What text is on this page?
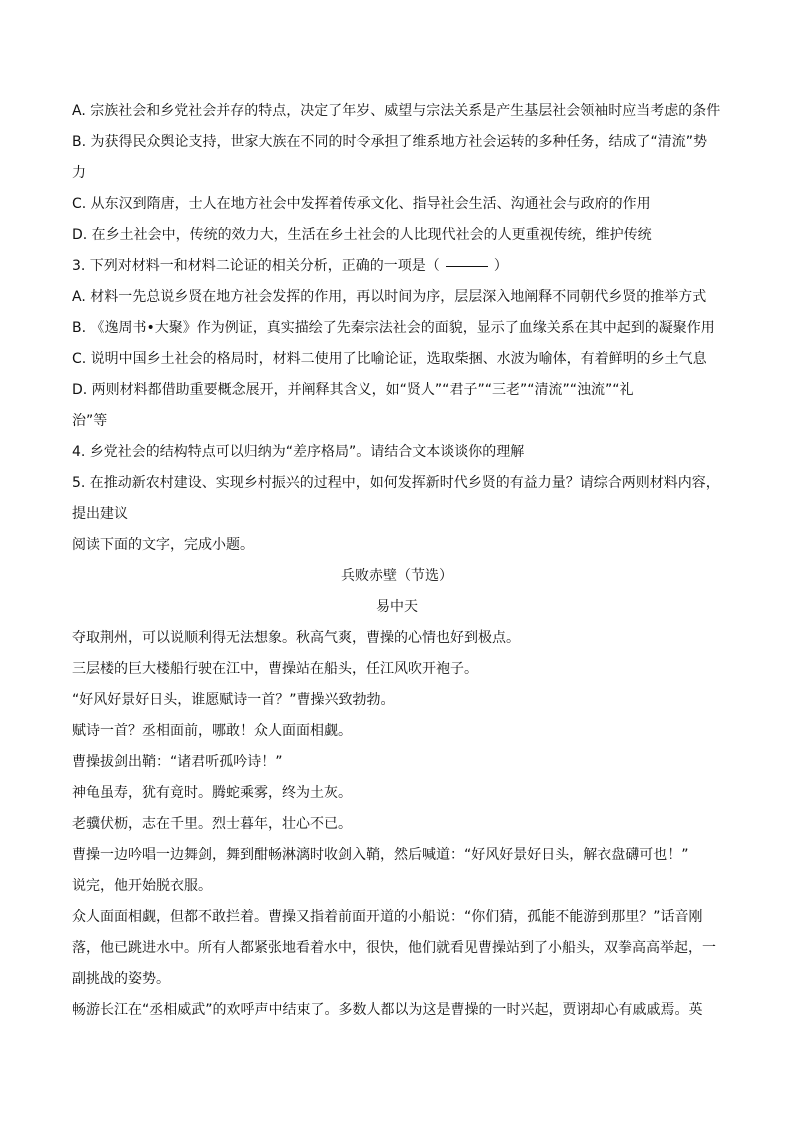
A. 宗族社会和乡党社会并存的特点，决定了年岁、威望与宗法关系是产生基层社会领袖时应当考虑的条件
B. 为获得民众舆论支持，世家大族在不同的时令承担了维系地方社会运转的多种任务，结成了“清流”势
力
C. 从东汉到隋唐，士人在地方社会中发挥着传承文化、指导社会生活、沟通社会与政府的作用
D. 在乡土社会中，传统的效力大，生活在乡土社会的人比现代社会的人更重视传统，维护传统
3. 下列对材料一和材料二论证的相关分析，正确的一项是（	）
A. 材料一先总说乡贤在地方社会发挥的作用，再以时间为序，层层深入地阐释不同朝代乡贤的推举方式
B. 《逸周书•大聚》作为例证，真实描绘了先秦宗法社会的面貌，显示了血缘关系在其中起到的凝聚作用
C. 说明中国乡土社会的格局时，材料二使用了比喻论证，选取柴捆、水波为喻体，有着鲜明的乡土气息
D. 两则材料都借助重要概念展开，并阐释其含义，如“贤人”“君子”“三老”“清流”“浊流”“礼
治”等
4. 乡党社会的结构特点可以归纳为“差序格局”。请结合文本谈谈你的理解
5. 在推动新农村建设、实现乡村振兴的过程中，如何发挥新时代乡贤的有益力量？请综合两则材料内容，
提出建议
阅读下面的文字，完成小题。
兵败赤壁（节选）
易中天
夺取荆州，可以说顺利得无法想象。秋高气爽，曹操的心情也好到极点。
三层楼的巨大楼船行驶在江中，曹操站在船头，任江风吹开袍子。
“好风好景好日头，谁愿赋诗一首？”曹操兴致勃勃。
赋诗一首？丞相面前，哪敢！众人面面相觑。
曹操拔剑出鞘：“诸君听孤吟诗！”
神龟虽寿，犹有竟时。腾蛇乘雾，终为土灰。
老骥伏枥，志在千里。烈士暮年，壮心不已。
曹操一边吟唱一边舞剑，舞到酣畅淋漓时收剑入鞘，然后喊道：“好风好景好日头，解衣盘礴可也！”
说完，他开始脱衣服。
众人面面相觑，但都不敢拦着。曹操又指着前面开道的小船说：“你们猜，孤能不能游到那里？”话音刚
落，他已跳进水中。所有人都紧张地看着水中，很快，他们就看见曹操站到了小船头，双拳高高举起，一
副挑战的姿势。
畅游长江在“丞相威武”的欢呼声中结束了。多数人都以为这是曹操的一时兴起，贾诩却心有戚戚焉。英
